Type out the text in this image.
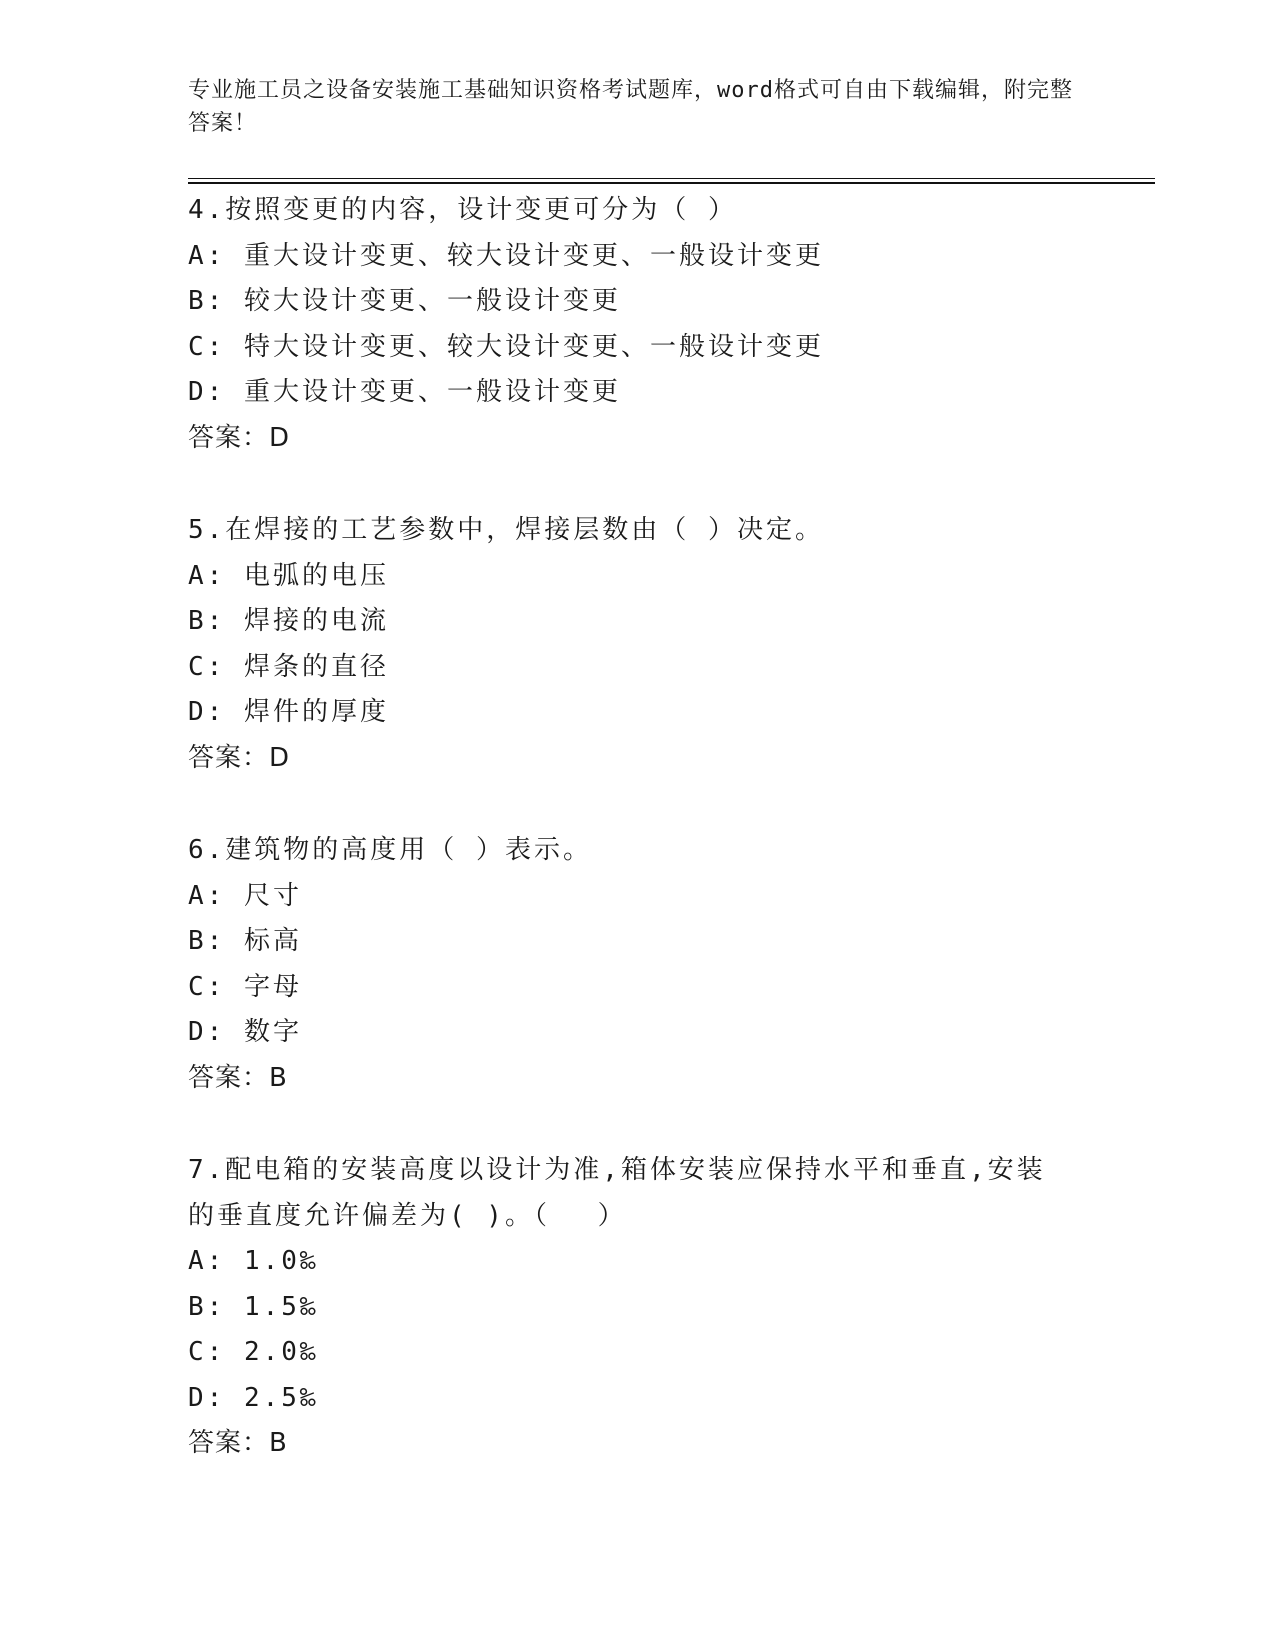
专业施工员之设备安装施工基础知识资格考试题库，word格式可自由下载编辑，附完整答案！
4.按照变更的内容，设计变更可分为（ ）
A: 重大设计变更、较大设计变更、一般设计变更
B: 较大设计变更、一般设计变更
C: 特大设计变更、较大设计变更、一般设计变更
D: 重大设计变更、一般设计变更
答案：D
5.在焊接的工艺参数中，焊接层数由（ ）决定。
A: 电弧的电压
B: 焊接的电流
C: 焊条的直径
D: 焊件的厚度
答案：D
6.建筑物的高度用（ ）表示。
A: 尺寸
B: 标高
C: 字母
D: 数字
答案：B
7.配电箱的安装高度以设计为准,箱体安装应保持水平和垂直,安装的垂直度允许偏差为( )。（　 ）
A: 1.0‰
B: 1.5‰
C: 2.0‰
D: 2.5‰
答案：B
